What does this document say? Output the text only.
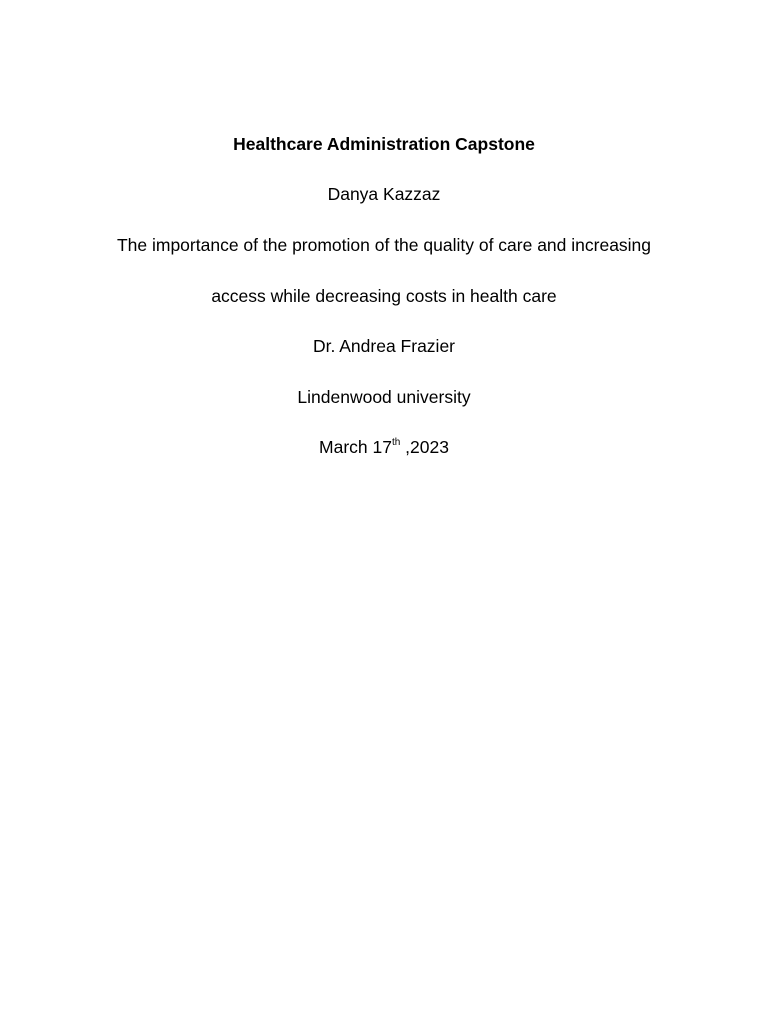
Healthcare Administration Capstone
Danya Kazzaz
The importance of the promotion of the quality of care and increasing
access while decreasing costs in health care
Dr. Andrea Frazier
Lindenwood university
March 17th ,2023
